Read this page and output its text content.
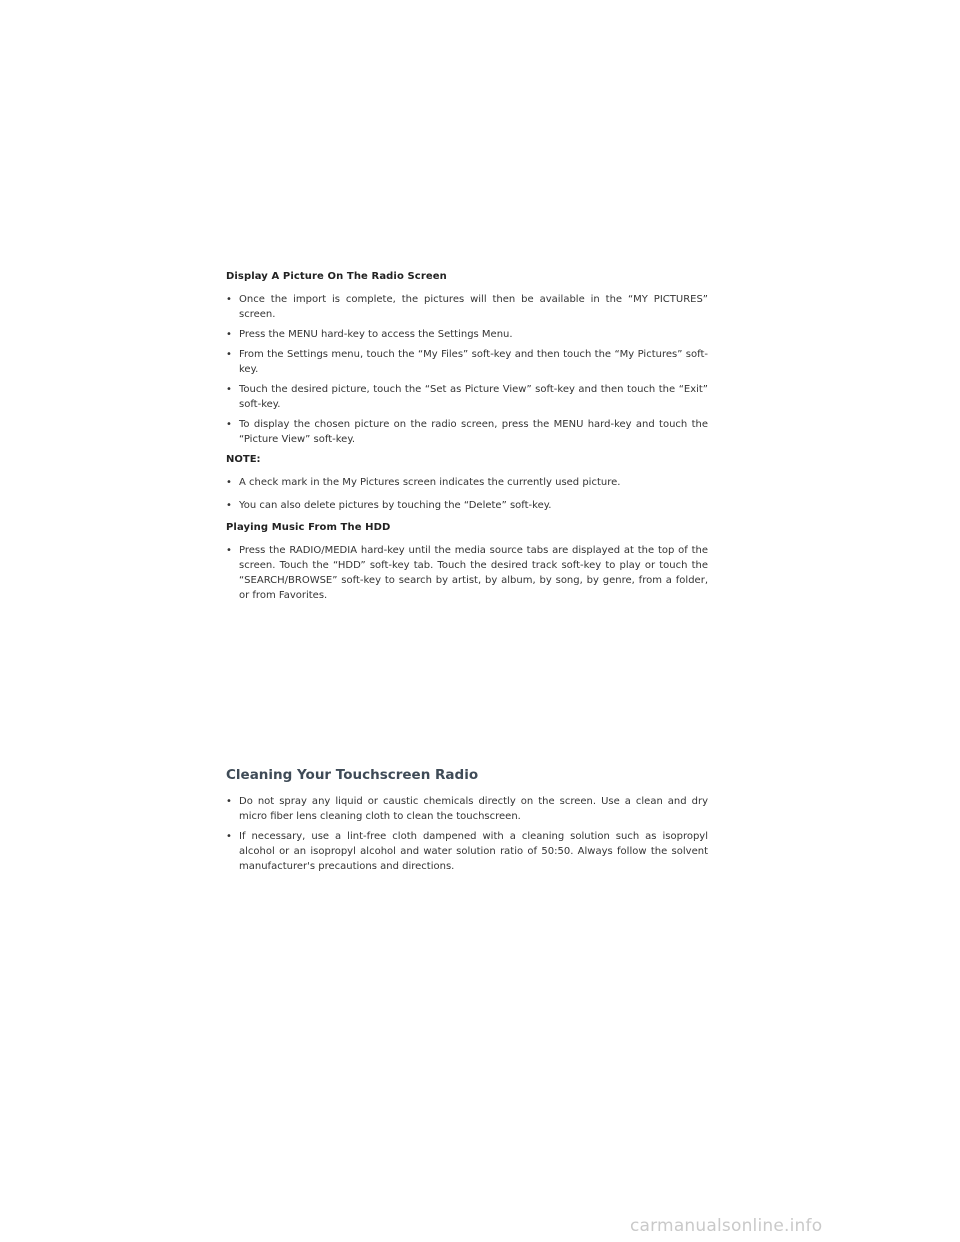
Display A Picture On The Radio Screen
• Once the import is complete, the pictures will then be available in the “MY PICTURES” screen.
• Press the MENU hard-key to access the Settings Menu.
• From the Settings menu, touch the “My Files” soft-key and then touch the “My Pictures” soft-key.
• Touch the desired picture, touch the “Set as Picture View” soft-key and then touch the “Exit” soft-key.
• To display the chosen picture on the radio screen, press the MENU hard-key and touch the “Picture View” soft-key.
NOTE:
• A check mark in the My Pictures screen indicates the currently used picture.
• You can also delete pictures by touching the “Delete” soft-key.
Playing Music From The HDD
• Press the RADIO/MEDIA hard-key until the media source tabs are displayed at the top of the screen. Touch the “HDD” soft-key tab. Touch the desired track soft-key to play or touch the “SEARCH/BROWSE” soft-key to search by artist, by album, by song, by genre, from a folder, or from Favorites.
Cleaning Your Touchscreen Radio
• Do not spray any liquid or caustic chemicals directly on the screen. Use a clean and dry micro fiber lens cleaning cloth to clean the touchscreen.
• If necessary, use a lint-free cloth dampened with a cleaning solution such as isopropyl alcohol or an isopropyl alcohol and water solution ratio of 50:50. Always follow the solvent manufacturer's precautions and directions.
carmanualsonline.info
